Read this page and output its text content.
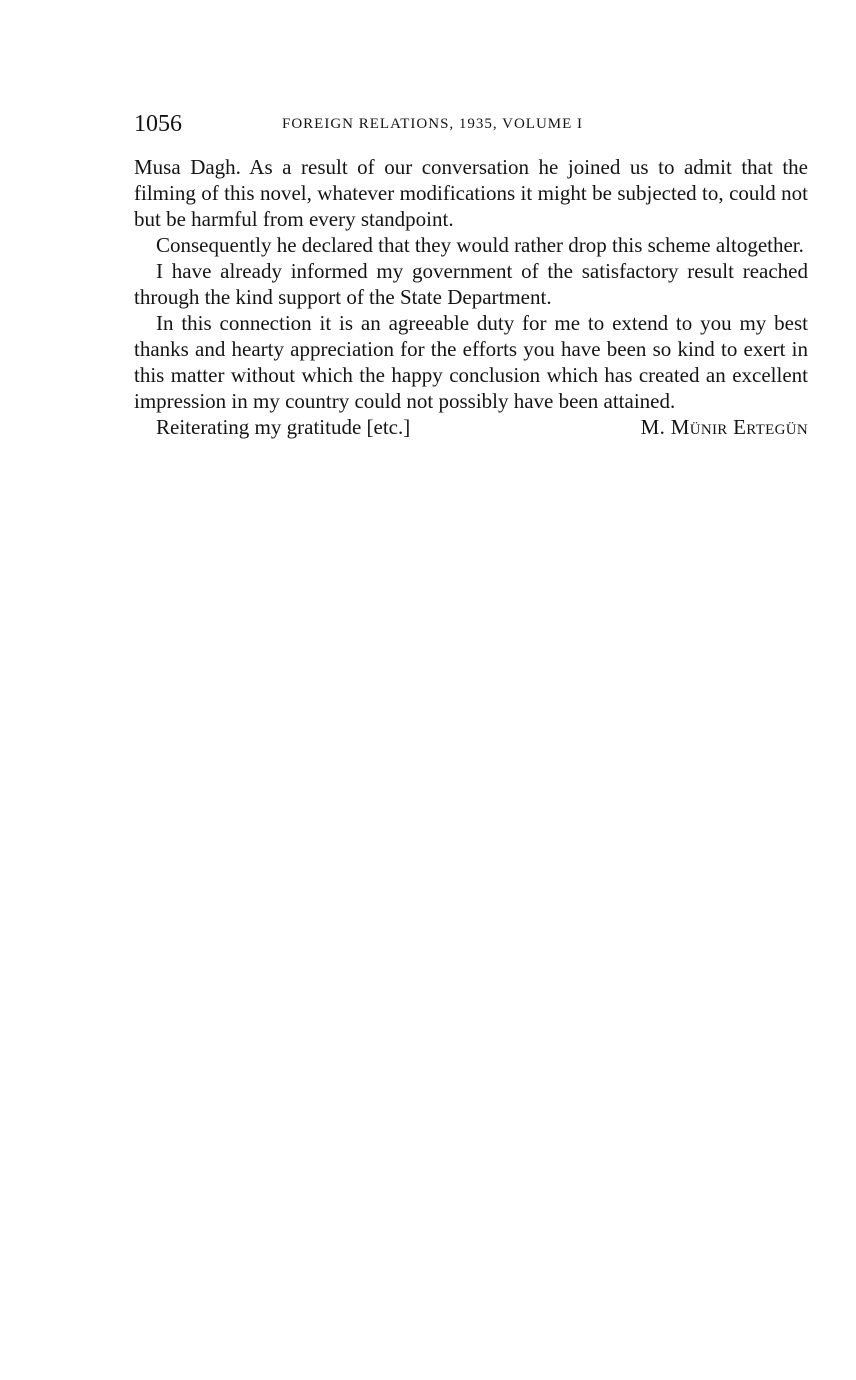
1056	FOREIGN RELATIONS, 1935, VOLUME I

Musa Dagh. As a result of our conversation he joined us to admit that the filming of this novel, whatever modifications it might be subjected to, could not but be harmful from every standpoint.

Consequently he declared that they would rather drop this scheme altogether.

I have already informed my government of the satisfactory result reached through the kind support of the State Department.

In this connection it is an agreeable duty for me to extend to you my best thanks and hearty appreciation for the efforts you have been so kind to exert in this matter without which the happy conclusion which has created an excellent impression in my country could not possibly have been attained.

Reiterating my gratitude [etc.]	M. Münir Ertegün
